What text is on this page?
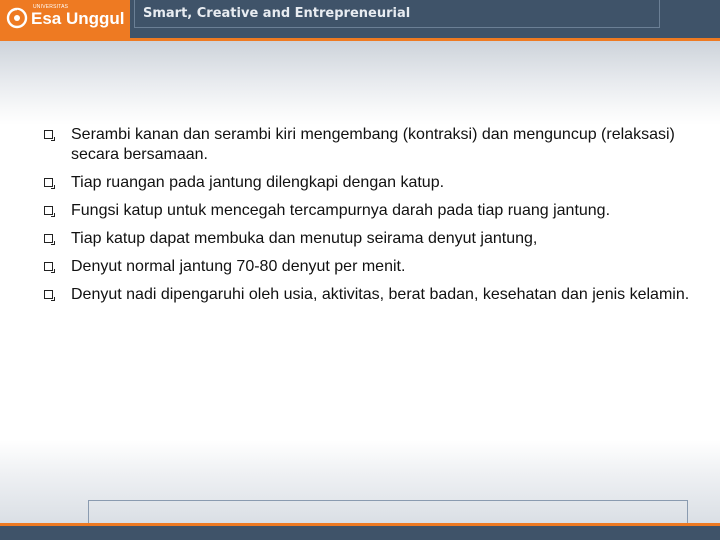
UNIVERSITAS
Esa Unggul Smart, Creative and Entrepreneurial
Serambi kanan dan serambi kiri mengembang (kontraksi) dan menguncup (relaksasi) secara bersamaan.
Tiap ruangan pada jantung dilengkapi dengan katup.
Fungsi katup untuk mencegah tercampurnya darah pada tiap ruang jantung.
Tiap katup dapat membuka dan menutup seirama denyut jantung,
Denyut normal jantung 70-80 denyut per menit.
Denyut nadi dipengaruhi oleh usia, aktivitas, berat badan, kesehatan dan jenis kelamin.
